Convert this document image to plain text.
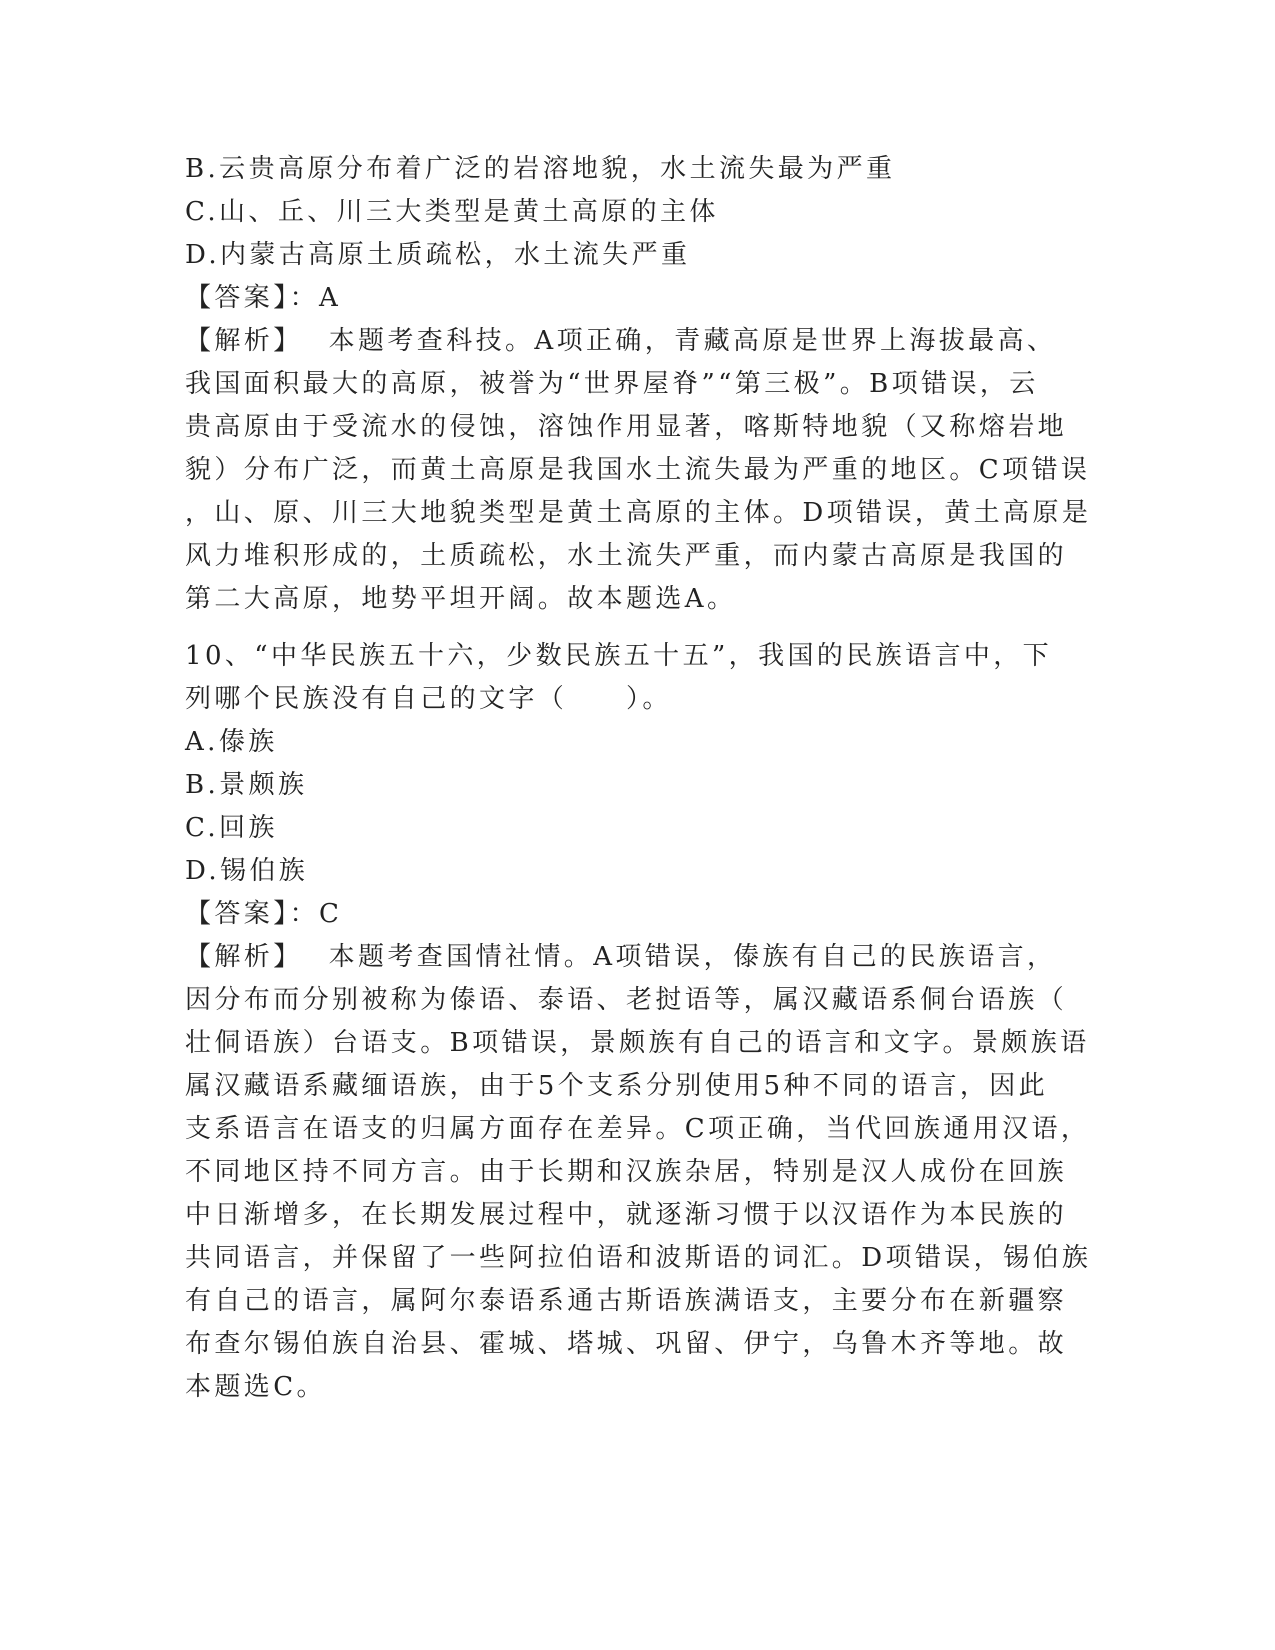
B.云贵高原分布着广泛的岩溶地貌，水土流失最为严重
C.山、丘、川三大类型是黄土高原的主体
D.内蒙古高原土质疏松，水土流失严重
【答案】：A
【解析】 本题考查科技。A项正确，青藏高原是世界上海拔最高、
我国面积最大的高原，被誉为“世界屋脊”“第三极”。B项错误，云
贵高原由于受流水的侵蚀，溶蚀作用显著，喀斯特地貌（又称熔岩地
貌）分布广泛，而黄土高原是我国水土流失最为严重的地区。C项错误
，山、原、川三大地貌类型是黄土高原的主体。D项错误，黄土高原是
风力堆积形成的，土质疏松，水土流失严重，而内蒙古高原是我国的
第二大高原，地势平坦开阔。故本题选A。
10、“中华民族五十六，少数民族五十五”，我国的民族语言中，下
列哪个民族没有自己的文字（　　）。
A.傣族
B.景颇族
C.回族
D.锡伯族
【答案】：C
【解析】 本题考查国情社情。A项错误，傣族有自己的民族语言，
因分布而分别被称为傣语、泰语、老挝语等，属汉藏语系侗台语族（
壮侗语族）台语支。B项错误，景颇族有自己的语言和文字。景颇族语
属汉藏语系藏缅语族，由于5个支系分别使用5种不同的语言，因此
支系语言在语支的归属方面存在差异。C项正确，当代回族通用汉语，
不同地区持不同方言。由于长期和汉族杂居，特别是汉人成份在回族
中日渐增多，在长期发展过程中，就逐渐习惯于以汉语作为本民族的
共同语言，并保留了一些阿拉伯语和波斯语的词汇。D项错误，锡伯族
有自己的语言，属阿尔泰语系通古斯语族满语支，主要分布在新疆察
布查尔锡伯族自治县、霍城、塔城、巩留、伊宁，乌鲁木齐等地。故
本题选C。
